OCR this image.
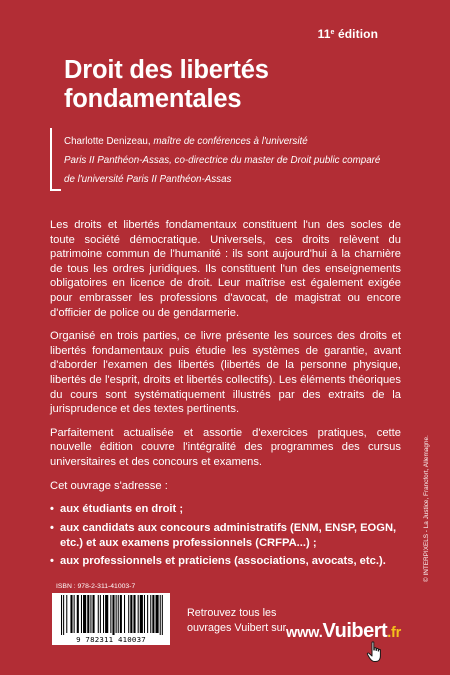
11e édition
Droit des libertés
fondamentales
Charlotte Denizeau, maître de conférences à l'université
Paris II Panthéon-Assas, co-directrice du master de Droit public comparé
de l'université Paris II Panthéon-Assas

Les droits et libertés fondamentaux constituent l'un des socles de toute société démocratique. Universels, ces droits relèvent du patrimoine commun de l'humanité : ils sont aujourd'hui à la charnière de tous les ordres juridiques. Ils constituent l'un des enseignements obligatoires en licence de droit. Leur maîtrise est également exigée pour embrasser les professions d'avocat, de magistrat ou encore d'officier de police ou de gendarmerie.

Organisé en trois parties, ce livre présente les sources des droits et libertés fondamentaux puis étudie les systèmes de garantie, avant d'aborder l'examen des libertés (libertés de la personne physique, libertés de l'esprit, droits et libertés collectifs). Les éléments théoriques du cours sont systématiquement illustrés par des extraits de la jurisprudence et des textes pertinents.

Parfaitement actualisée et assortie d'exercices pratiques, cette nouvelle édition couvre l'intégralité des programmes des cursus universitaires et des concours et examens.

Cet ouvrage s'adresse :
• aux étudiants en droit ;
• aux candidats aux concours administratifs (ENM, ENSP, EOGN, etc.) et aux examens professionnels (CRFPA...) ;
• aux professionnels et praticiens (associations, avocats, etc.).
ISBN : 978-2-311-41003-7
9 782311 410037
Retrouvez tous les
ouvrages Vuibert sur www.Vuibert.fr
© INTERPIXELS - La Justice, Francfort, Allemagne.
